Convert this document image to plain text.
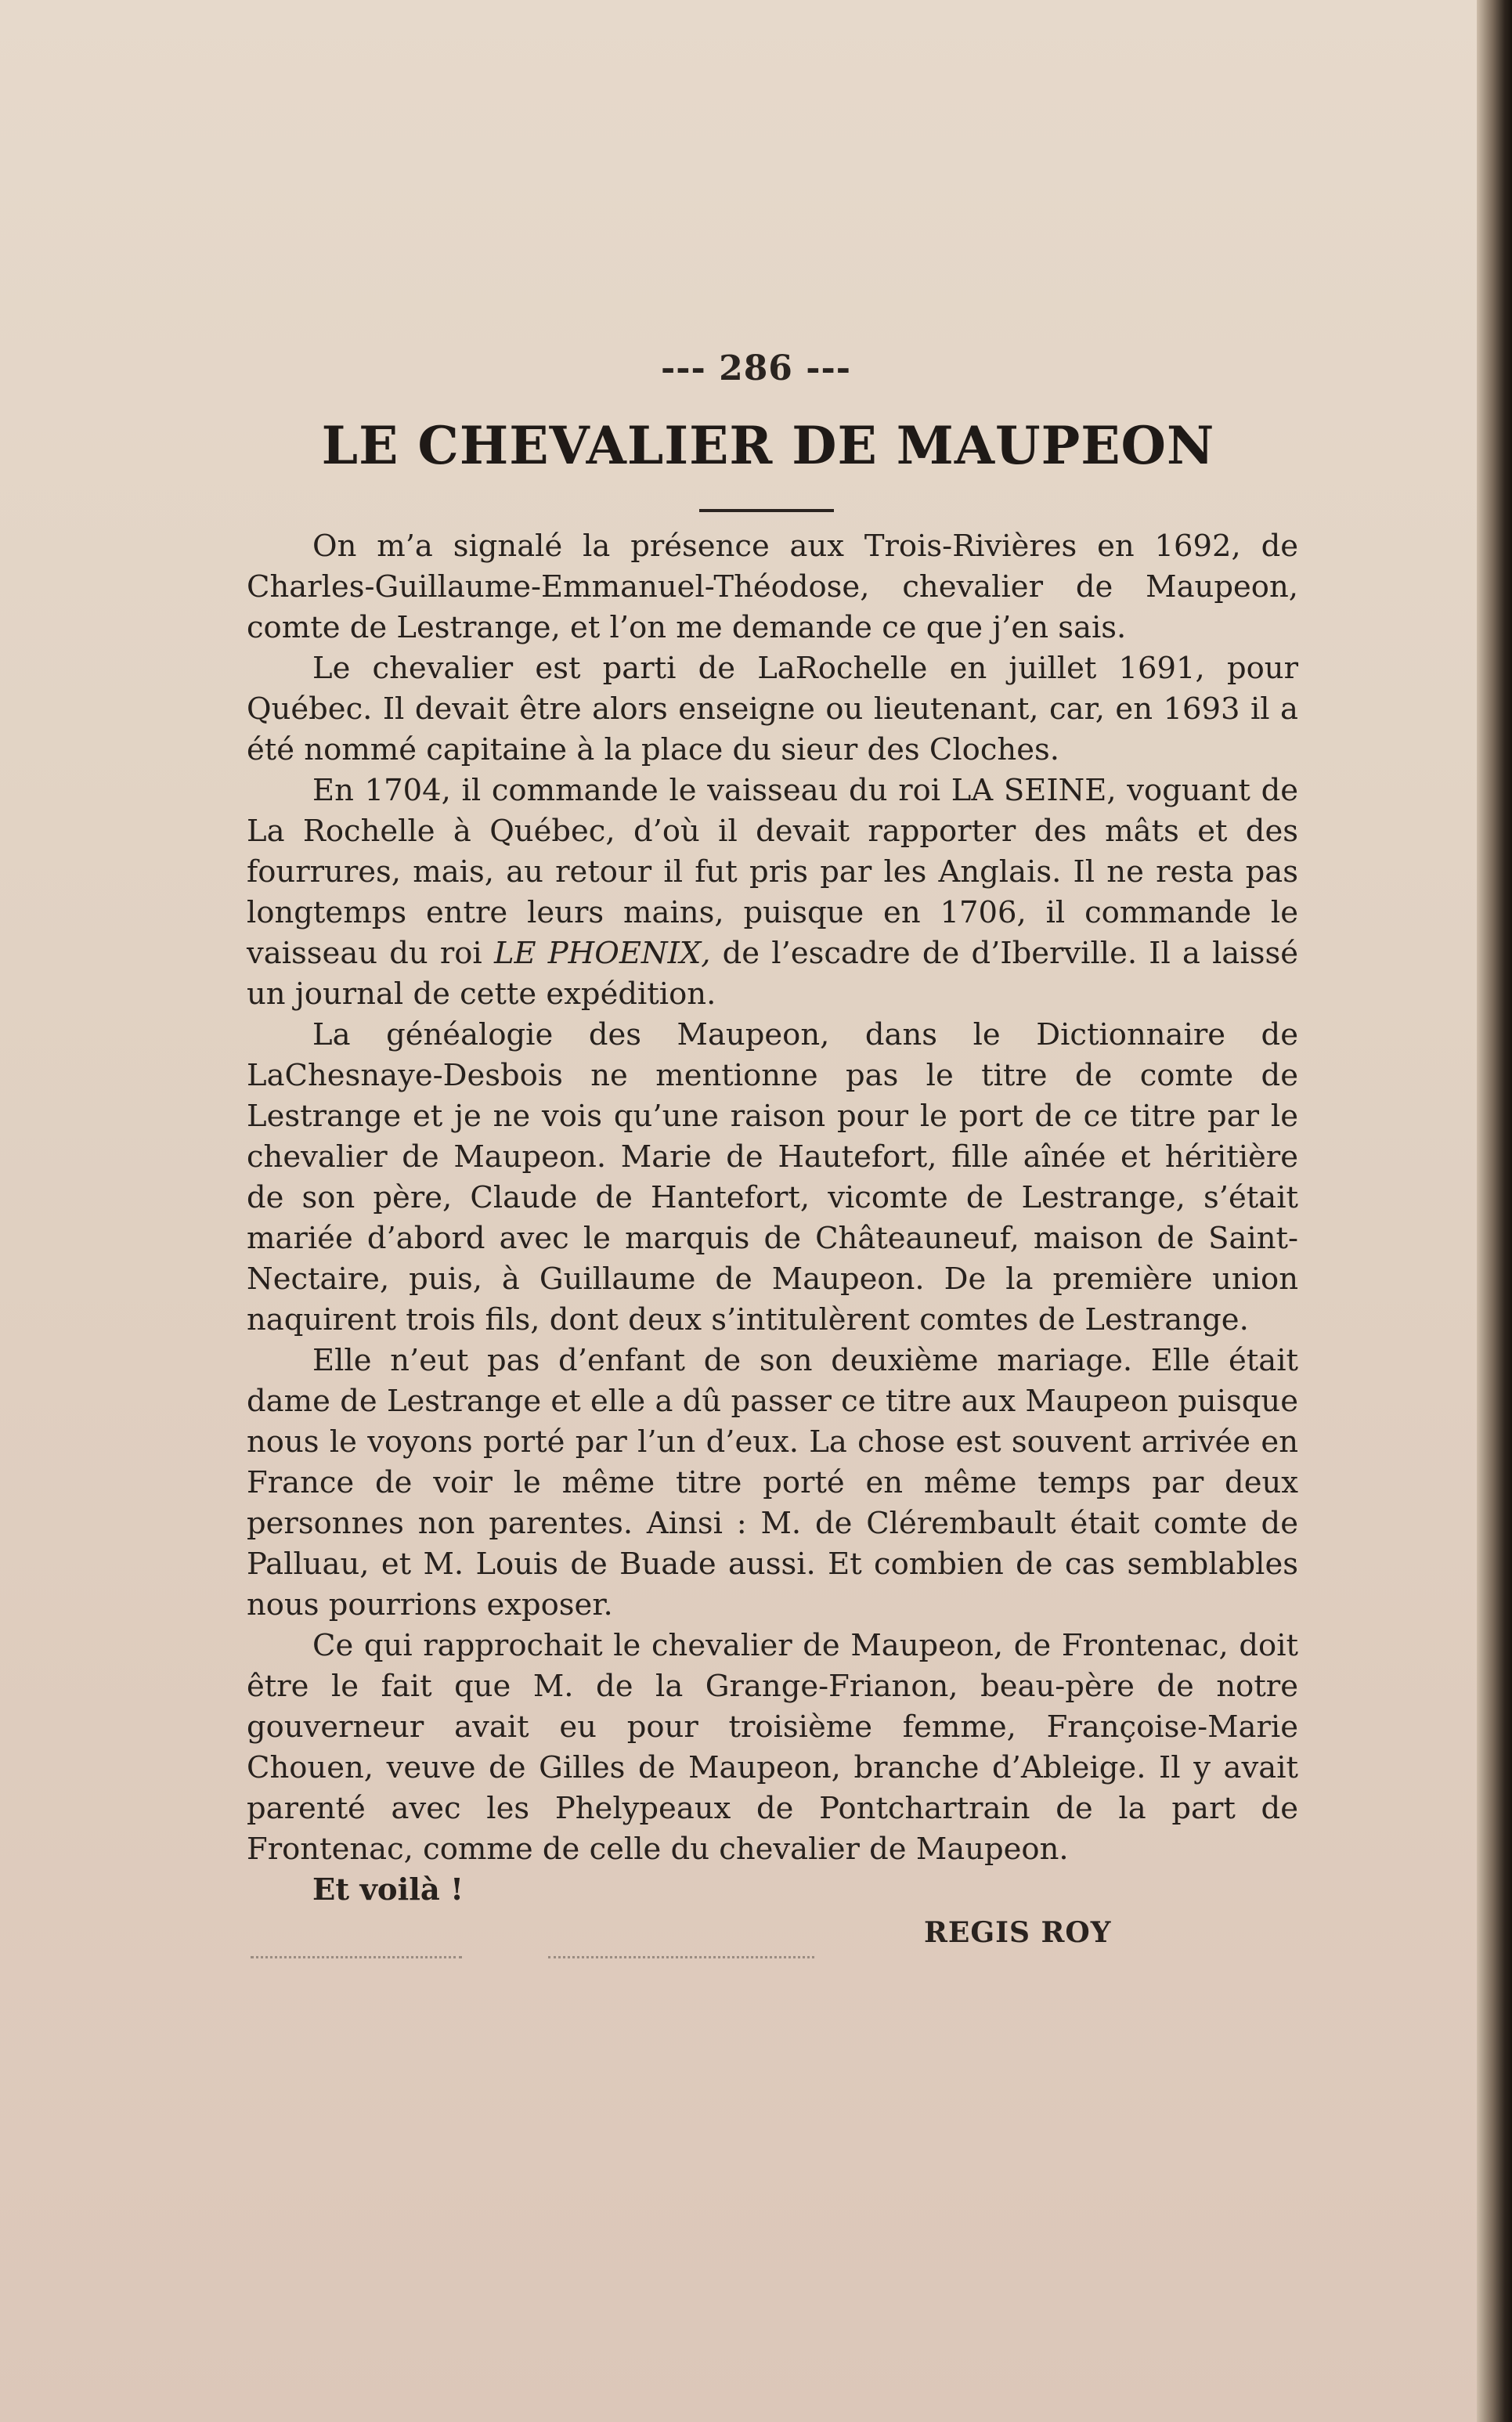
--- 286 ---
LE CHEVALIER DE MAUPEON

On m’a signalé la présence aux Trois-Rivières en 1692, de Charles-Guillaume-Emmanuel-Théodose, chevalier de Maupeon, comte de Lestrange, et l’on me demande ce que j’en sais.

Le chevalier est parti de LaRochelle en juillet 1691, pour Québec. Il devait être alors enseigne ou lieutenant, car, en 1693 il a été nommé capitaine à la place du sieur des Cloches.

En 1704, il commande le vaisseau du roi LA SEINE, voguant de La Rochelle à Québec, d’où il devait rapporter des mâts et des fourrures, mais, au retour il fut pris par les Anglais. Il ne resta pas longtemps entre leurs mains, puisque en 1706, il commande le vaisseau du roi LE PHOENIX, de l’escadre de d’Iberville. Il a laissé un journal de cette expédition.

La généalogie des Maupeon, dans le Dictionnaire de LaChesnaye-Desbois ne mentionne pas le titre de comte de Lestrange et je ne vois qu’une raison pour le port de ce titre par le chevalier de Maupeon. Marie de Hautefort, fille aînée et héritière de son père, Claude de Hantefort, vicomte de Lestrange, s’était mariée d’abord avec le marquis de Châteauneuf, maison de Saint-Nectaire, puis, à Guillaume de Maupeon. De la première union naquirent trois fils, dont deux s’intitulèrent comtes de Lestrange.

Elle n’eut pas d’enfant de son deuxième mariage. Elle était dame de Lestrange et elle a dû passer ce titre aux Maupeon puisque nous le voyons porté par l’un d’eux. La chose est souvent arrivée en France de voir le même titre porté en même temps par deux personnes non parentes. Ainsi : M. de Clérembault était comte de Palluau, et M. Louis de Buade aussi. Et combien de cas semblables nous pourrions exposer.

Ce qui rapprochait le chevalier de Maupeon, de Frontenac, doit être le fait que M. de la Grange-Frianon, beau-père de notre gouverneur avait eu pour troisième femme, Françoise-Marie Chouen, veuve de Gilles de Maupeon, branche d’Ableige. Il y avait parenté avec les Phelypeaux de Pontchartrain de la part de Frontenac, comme de celle du chevalier de Maupeon.

Et voilà !

REGIS ROY
